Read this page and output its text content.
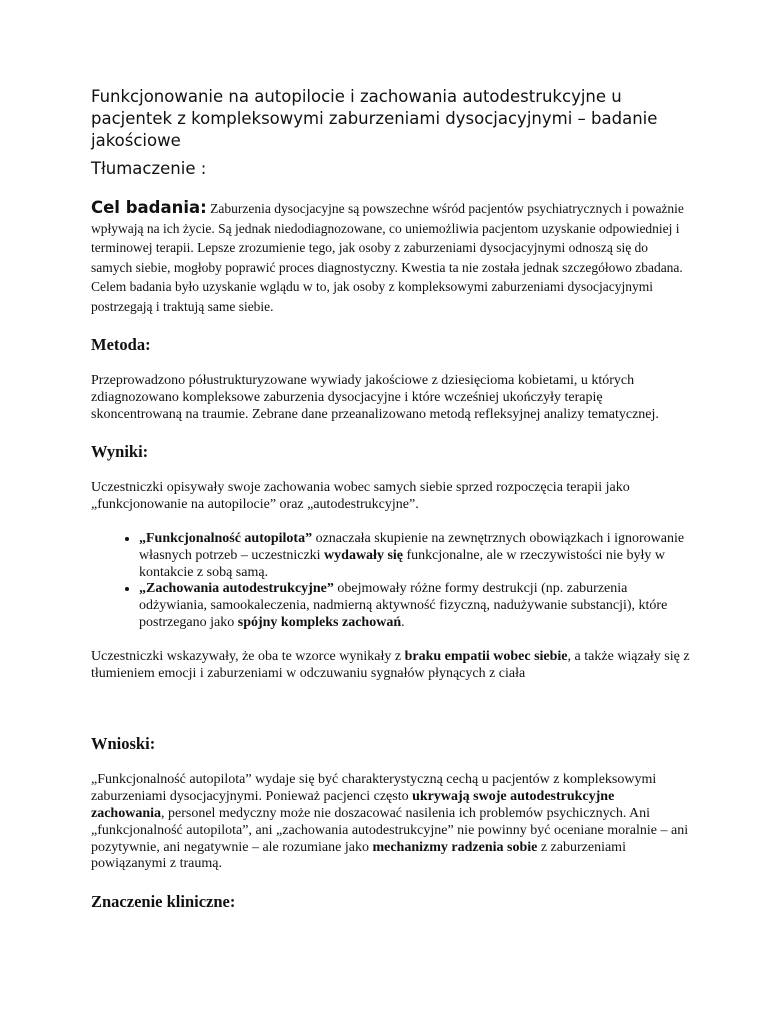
Funkcjonowanie na autopilocie i zachowania autodestrukcyjne u pacjentek z kompleksowymi zaburzeniami dysocjacyjnymi – badanie jakościowe

Tłumaczenie :

Cel badania: Zaburzenia dysocjacyjne są powszechne wśród pacjentów psychiatrycznych i poważnie wpływają na ich życie. Są jednak niedodiagnozowane, co uniemożliwia pacjentom uzyskanie odpowiedniej i terminowej terapii. Lepsze zrozumienie tego, jak osoby z zaburzeniami dysocjacyjnymi odnoszą się do samych siebie, mogłoby poprawić proces diagnostyczny. Kwestia ta nie została jednak szczegółowo zbadana. Celem badania było uzyskanie wglądu w to, jak osoby z kompleksowymi zaburzeniami dysocjacyjnymi postrzegają i traktują same siebie.

Metoda:

Przeprowadzono półustrukturyzowane wywiady jakościowe z dziesięcioma kobietami, u których zdiagnozowano kompleksowe zaburzenia dysocjacyjne i które wcześniej ukończyły terapię skoncentrowaną na traumie. Zebrane dane przeanalizowano metodą refleksyjnej analizy tematycznej.

Wyniki:

Uczestniczki opisywały swoje zachowania wobec samych siebie sprzed rozpoczęcia terapii jako „funkcjonowanie na autopilocie” oraz „autodestrukcyjne”.

• „Funkcjonalność autopilota” oznaczała skupienie na zewnętrznych obowiązkach i ignorowanie własnych potrzeb – uczestniczki wydawały się funkcjonalne, ale w rzeczywistości nie były w kontakcie z sobą samą.
• „Zachowania autodestrukcyjne” obejmowały różne formy destrukcji (np. zaburzenia odżywiania, samookaleczenia, nadmierną aktywność fizyczną, nadużywanie substancji), które postrzegano jako spójny kompleks zachowań.

Uczestniczki wskazywały, że oba te wzorce wynikały z braku empatii wobec siebie, a także wiązały się z tłumieniem emocji i zaburzeniami w odczuwaniu sygnałów płynących z ciała

Wnioski:

„Funkcjonalność autopilota” wydaje się być charakterystyczną cechą u pacjentów z kompleksowymi zaburzeniami dysocjacyjnymi. Ponieważ pacjenci często ukrywają swoje autodestrukcyjne zachowania, personel medyczny może nie doszacować nasilenia ich problemów psychicznych. Ani „funkcjonalność autopilota”, ani „zachowania autodestrukcyjne” nie powinny być oceniane moralnie – ani pozytywnie, ani negatywnie – ale rozumiane jako mechanizmy radzenia sobie z zaburzeniami powiązanymi z traumą.

Znaczenie kliniczne:
